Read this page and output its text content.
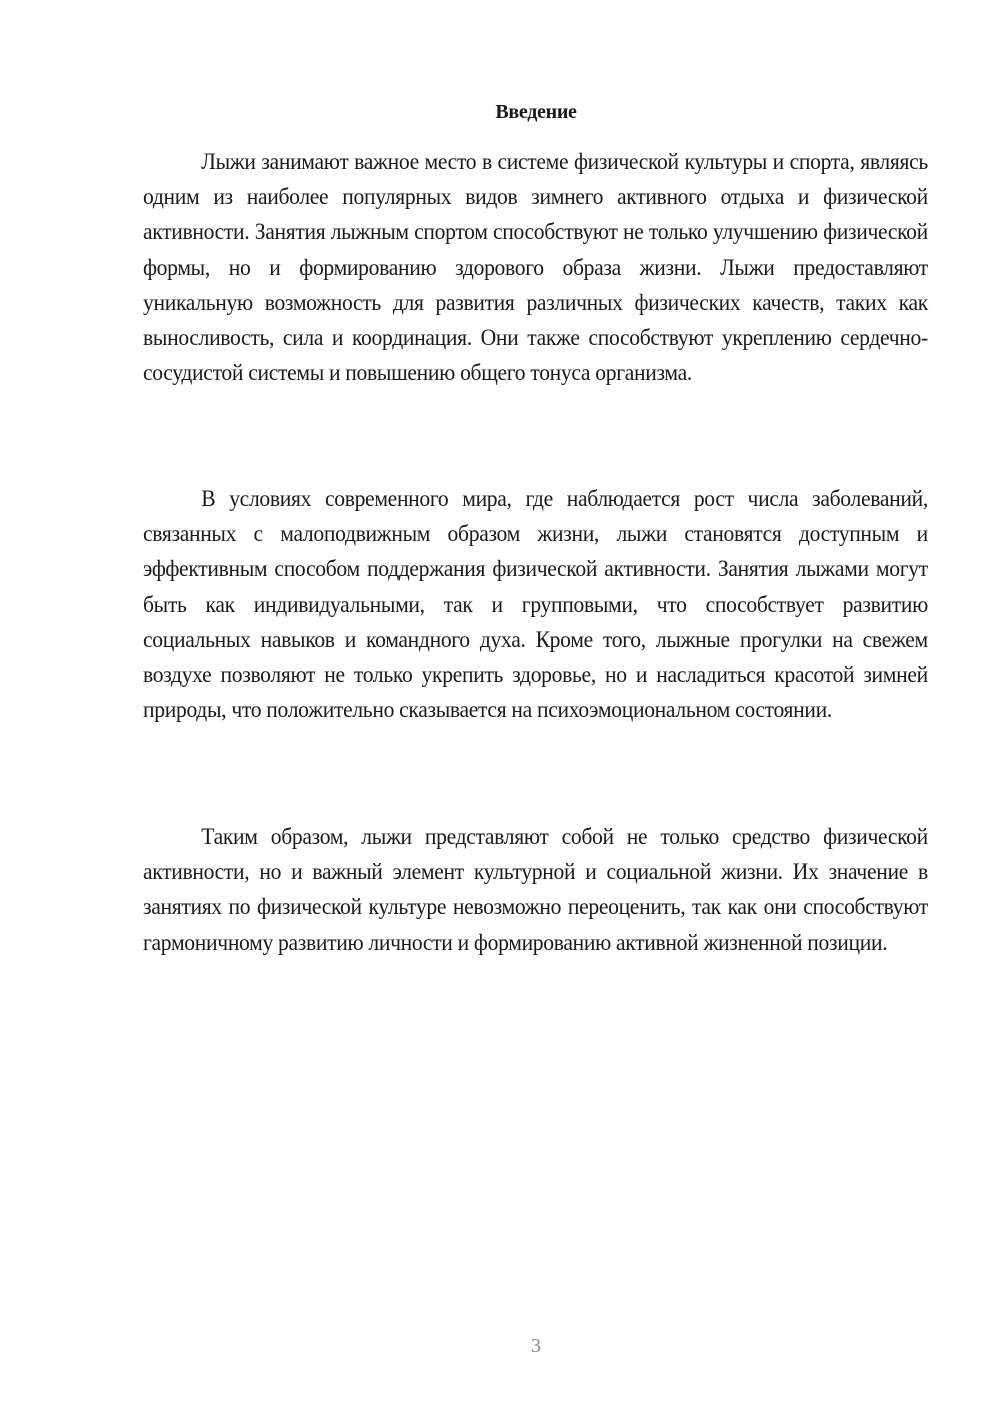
Введение

Лыжи занимают важное место в системе физической культуры и спорта, являясь одним из наиболее популярных видов зимнего активного отдыха и физической активности. Занятия лыжным спортом способствуют не только улучшению физической формы, но и формированию здорового образа жизни. Лыжи предоставляют уникальную возможность для развития различных физических качеств, таких как выносливость, сила и координация. Они также способствуют укреплению сердечно-сосудистой системы и повышению общего тонуса организма.

В условиях современного мира, где наблюдается рост числа заболеваний, связанных с малоподвижным образом жизни, лыжи становятся доступным и эффективным способом поддержания физической активности. Занятия лыжами могут быть как индивидуальными, так и групповыми, что способствует развитию социальных навыков и командного духа. Кроме того, лыжные прогулки на свежем воздухе позволяют не только укрепить здоровье, но и насладиться красотой зимней природы, что положительно сказывается на психоэмоциональном состоянии.

Таким образом, лыжи представляют собой не только средство физической активности, но и важный элемент культурной и социальной жизни. Их значение в занятиях по физической культуре невозможно переоценить, так как они способствуют гармоничному развитию личности и формированию активной жизненной позиции.

3
